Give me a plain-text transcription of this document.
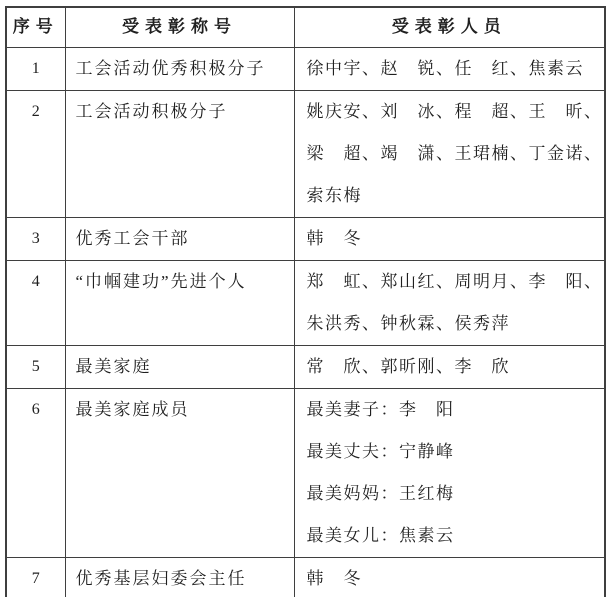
序号	受表彰称号	受表彰人员
1	工会活动优秀积极分子	徐中宇、赵　锐、任　红、焦素云

2	工会活动积极分子	姚庆安、刘　冰、程　超、王　昕、
梁　超、竭　潇、王珺楠、丁金诺、
索东梅

3	优秀工会干部	韩　冬

4	“巾帼建功”先进个人	郑　虹、郑山红、周明月、李　阳、
朱洪秀、钟秋霖、侯秀萍

5	最美家庭	常　欣、郭昕刚、李　欣

6	最美家庭成员	最美妻子：李　阳
最美丈夫：宁静峰
最美妈妈：王红梅
最美女儿：焦素云

7	优秀基层妇委会主任	韩　冬
